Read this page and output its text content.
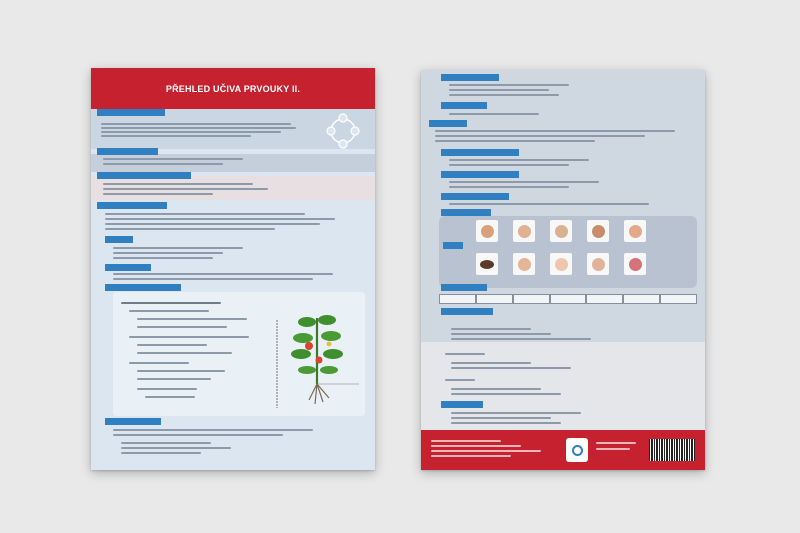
PŘEHLED UČIVA PRVOUKY II.
